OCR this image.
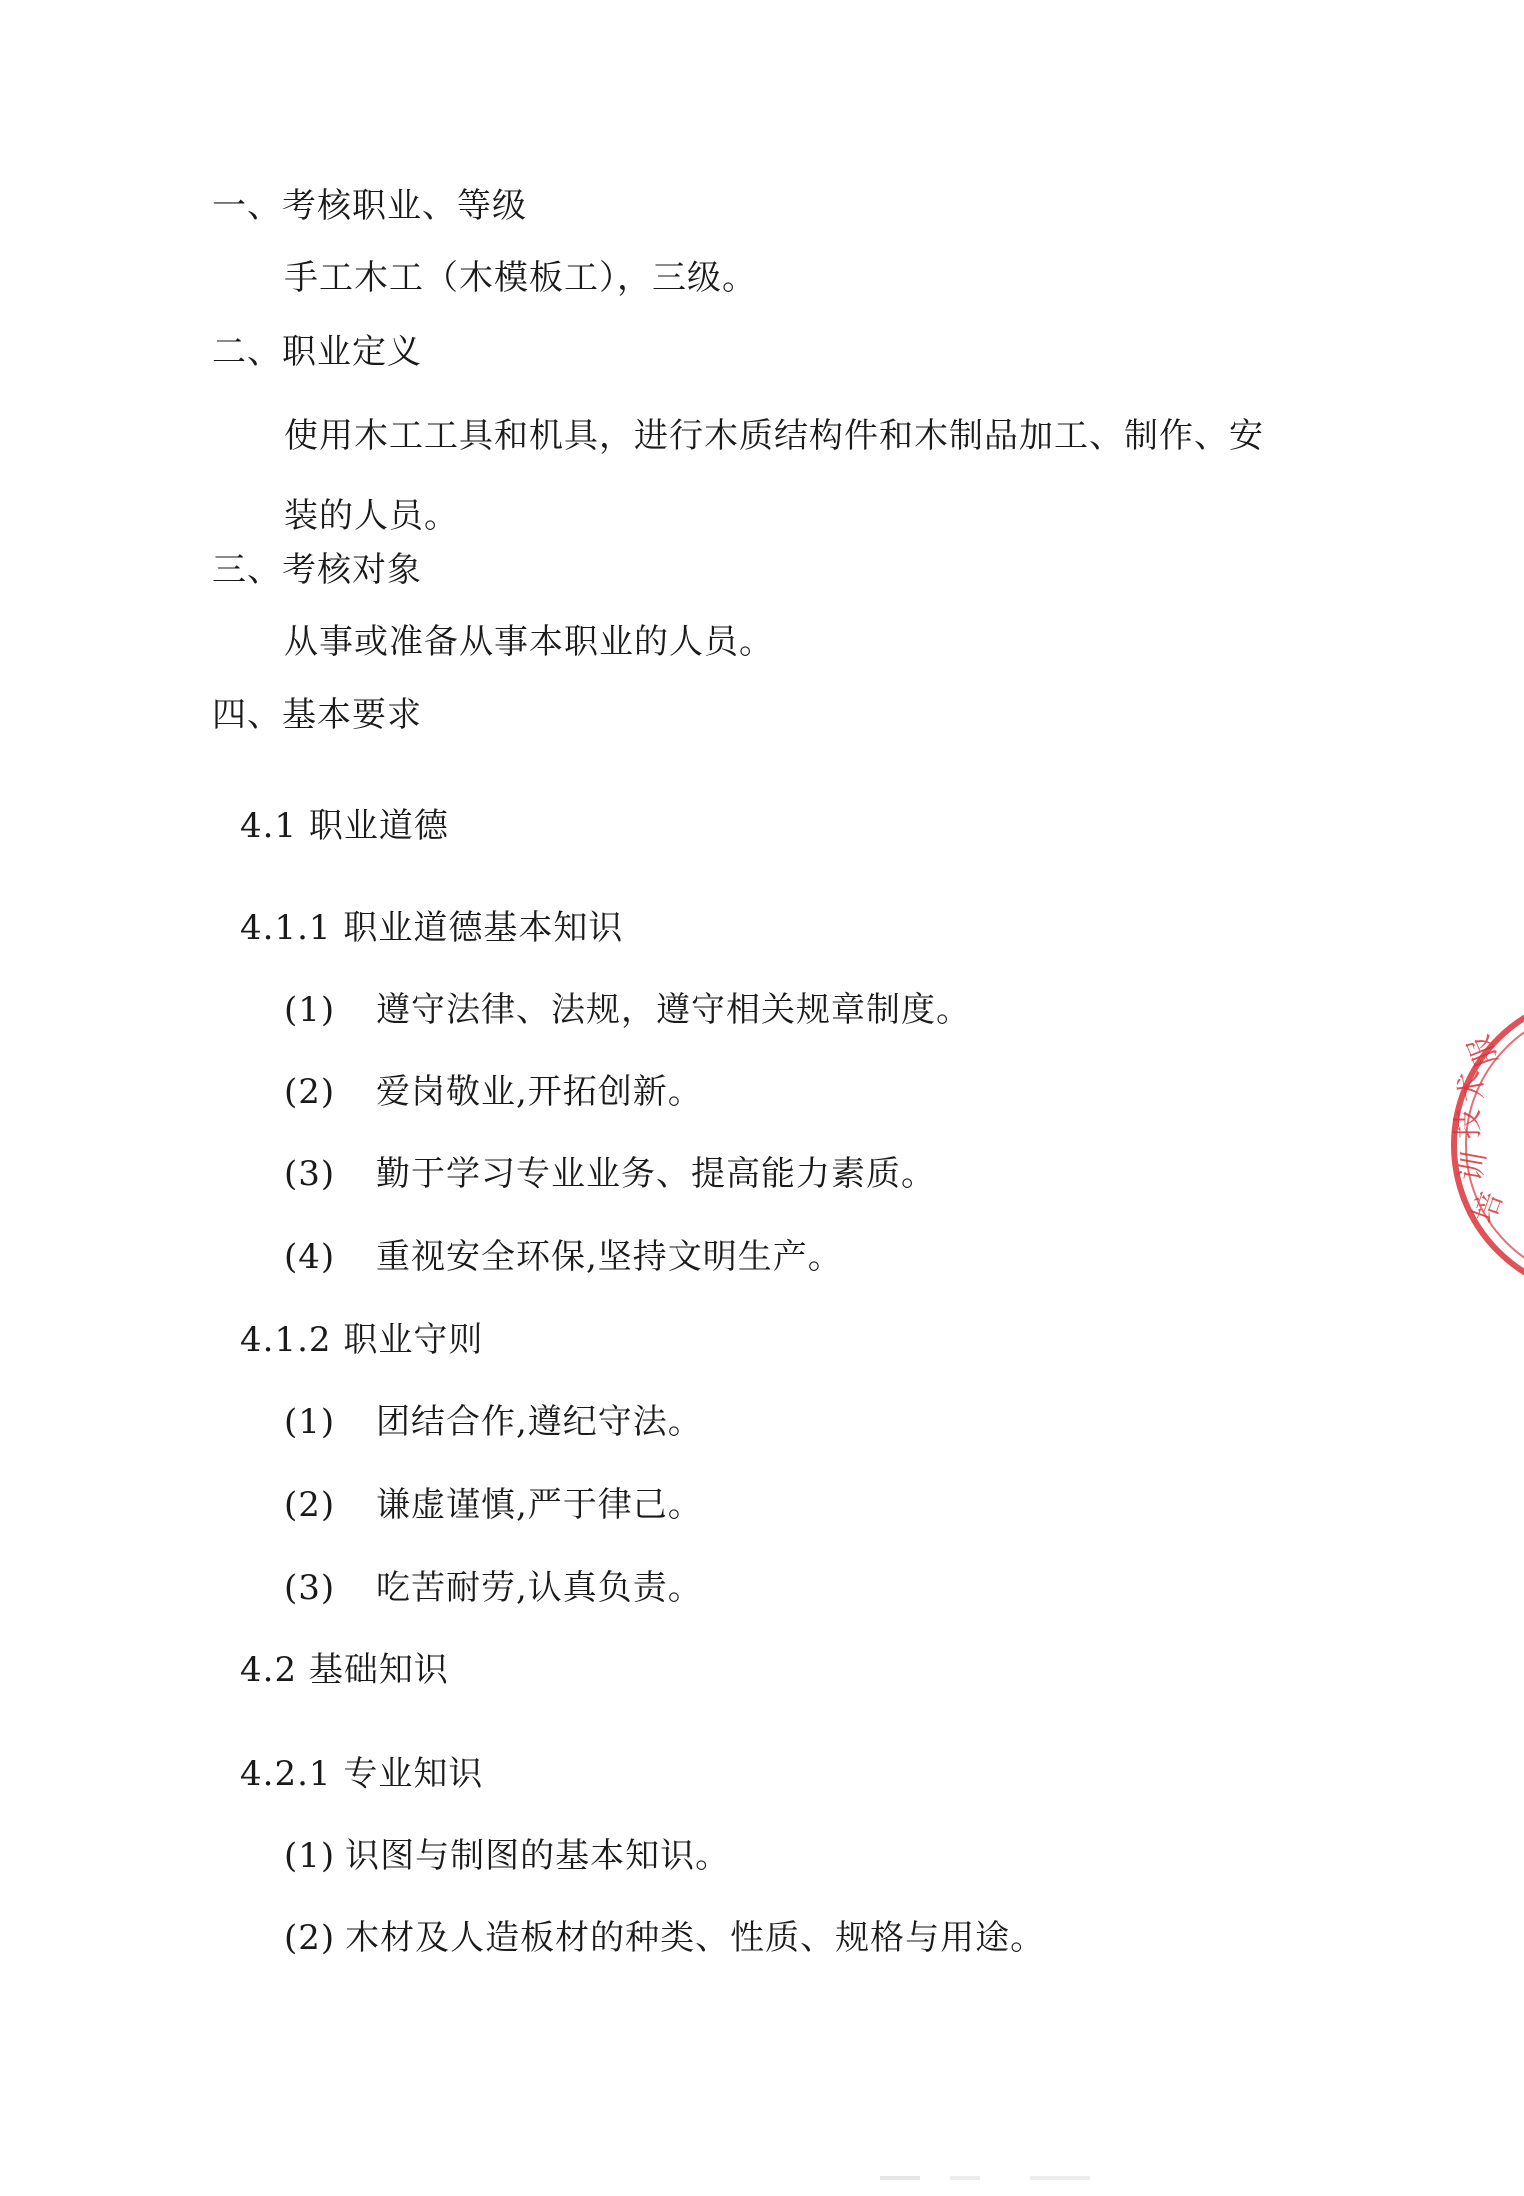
一、考核职业、等级
手工木工（木模板工），三级。
二、职业定义
使用木工工具和机具，进行木质结构件和木制品加工、制作、安装的人员。
三、考核对象
从事或准备从事本职业的人员。
四、基本要求
4.1 职业道德
4.1.1 职业道德基本知识
(1)	遵守法律、法规，遵守相关规章制度。
(2)	爱岗敬业,开拓创新。
(3)	勤于学习专业业务、提高能力素质。
(4)	重视安全环保,坚持文明生产。
4.1.2 职业守则
(1)	团结合作,遵纪守法。
(2)	谦虚谨慎,严于律己。
(3)	吃苦耐劳,认真负责。
4.2 基础知识
4.2.1 专业知识
(1) 识图与制图的基本知识。
(2) 木材及人造板材的种类、性质、规格与用途。
培
训
技
术
服
